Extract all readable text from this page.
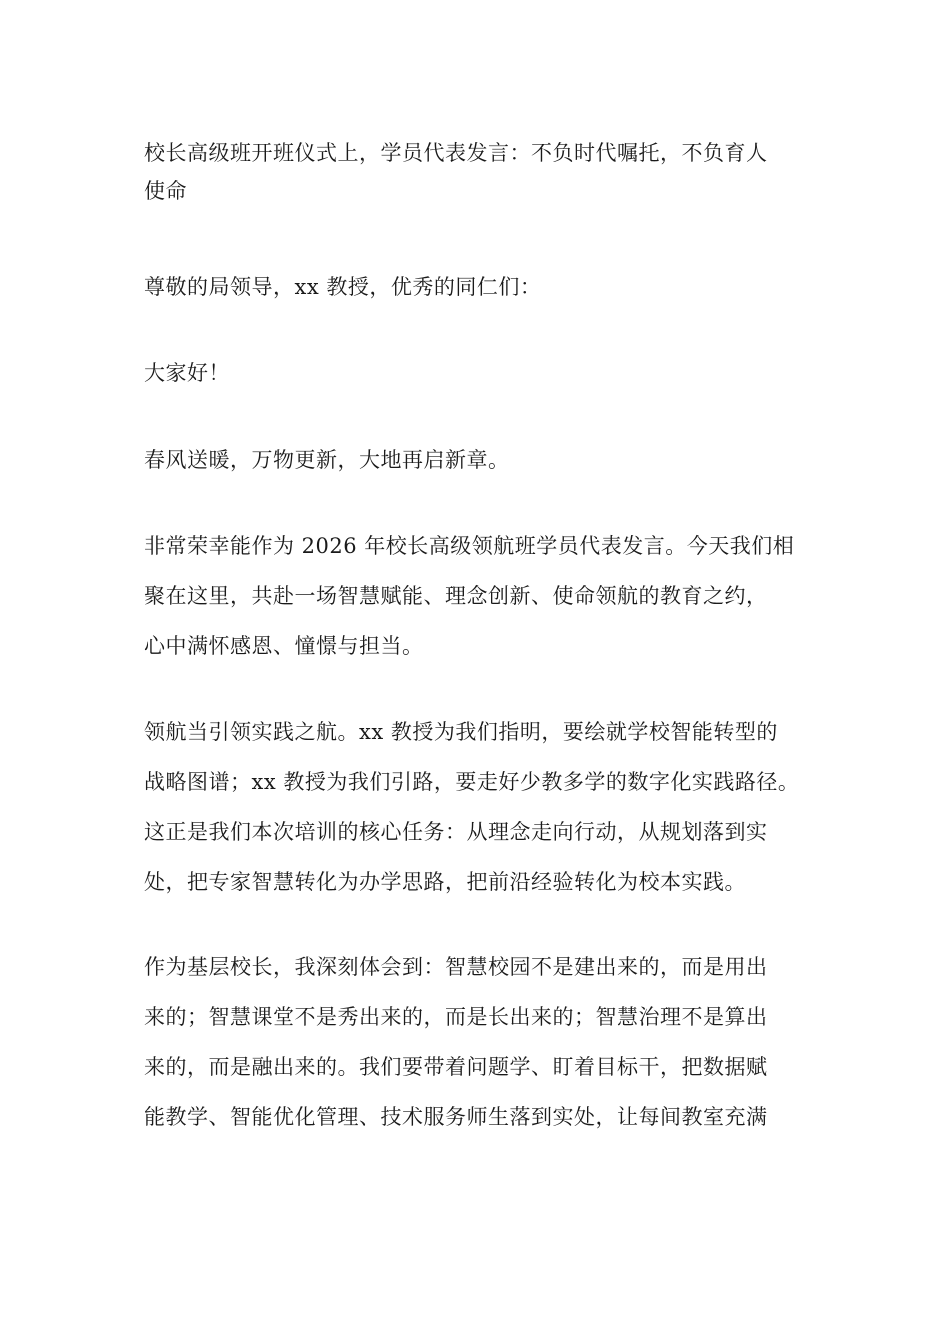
校长高级班开班仪式上，学员代表发言：不负时代嘱托，不负育人
使命
尊敬的局领导，xx 教授，优秀的同仁们：
大家好！
春风送暖，万物更新，大地再启新章。
非常荣幸能作为 2026 年校长高级领航班学员代表发言。今天我们相
聚在这里，共赴一场智慧赋能、理念创新、使命领航的教育之约，
心中满怀感恩、憧憬与担当。
领航当引领实践之航。xx 教授为我们指明，要绘就学校智能转型的
战略图谱；xx 教授为我们引路，要走好少教多学的数字化实践路径。
这正是我们本次培训的核心任务：从理念走向行动，从规划落到实
处，把专家智慧转化为办学思路，把前沿经验转化为校本实践。
作为基层校长，我深刻体会到：智慧校园不是建出来的，而是用出
来的；智慧课堂不是秀出来的，而是长出来的；智慧治理不是算出
来的，而是融出来的。我们要带着问题学、盯着目标干，把数据赋
能教学、智能优化管理、技术服务师生落到实处，让每间教室充满
